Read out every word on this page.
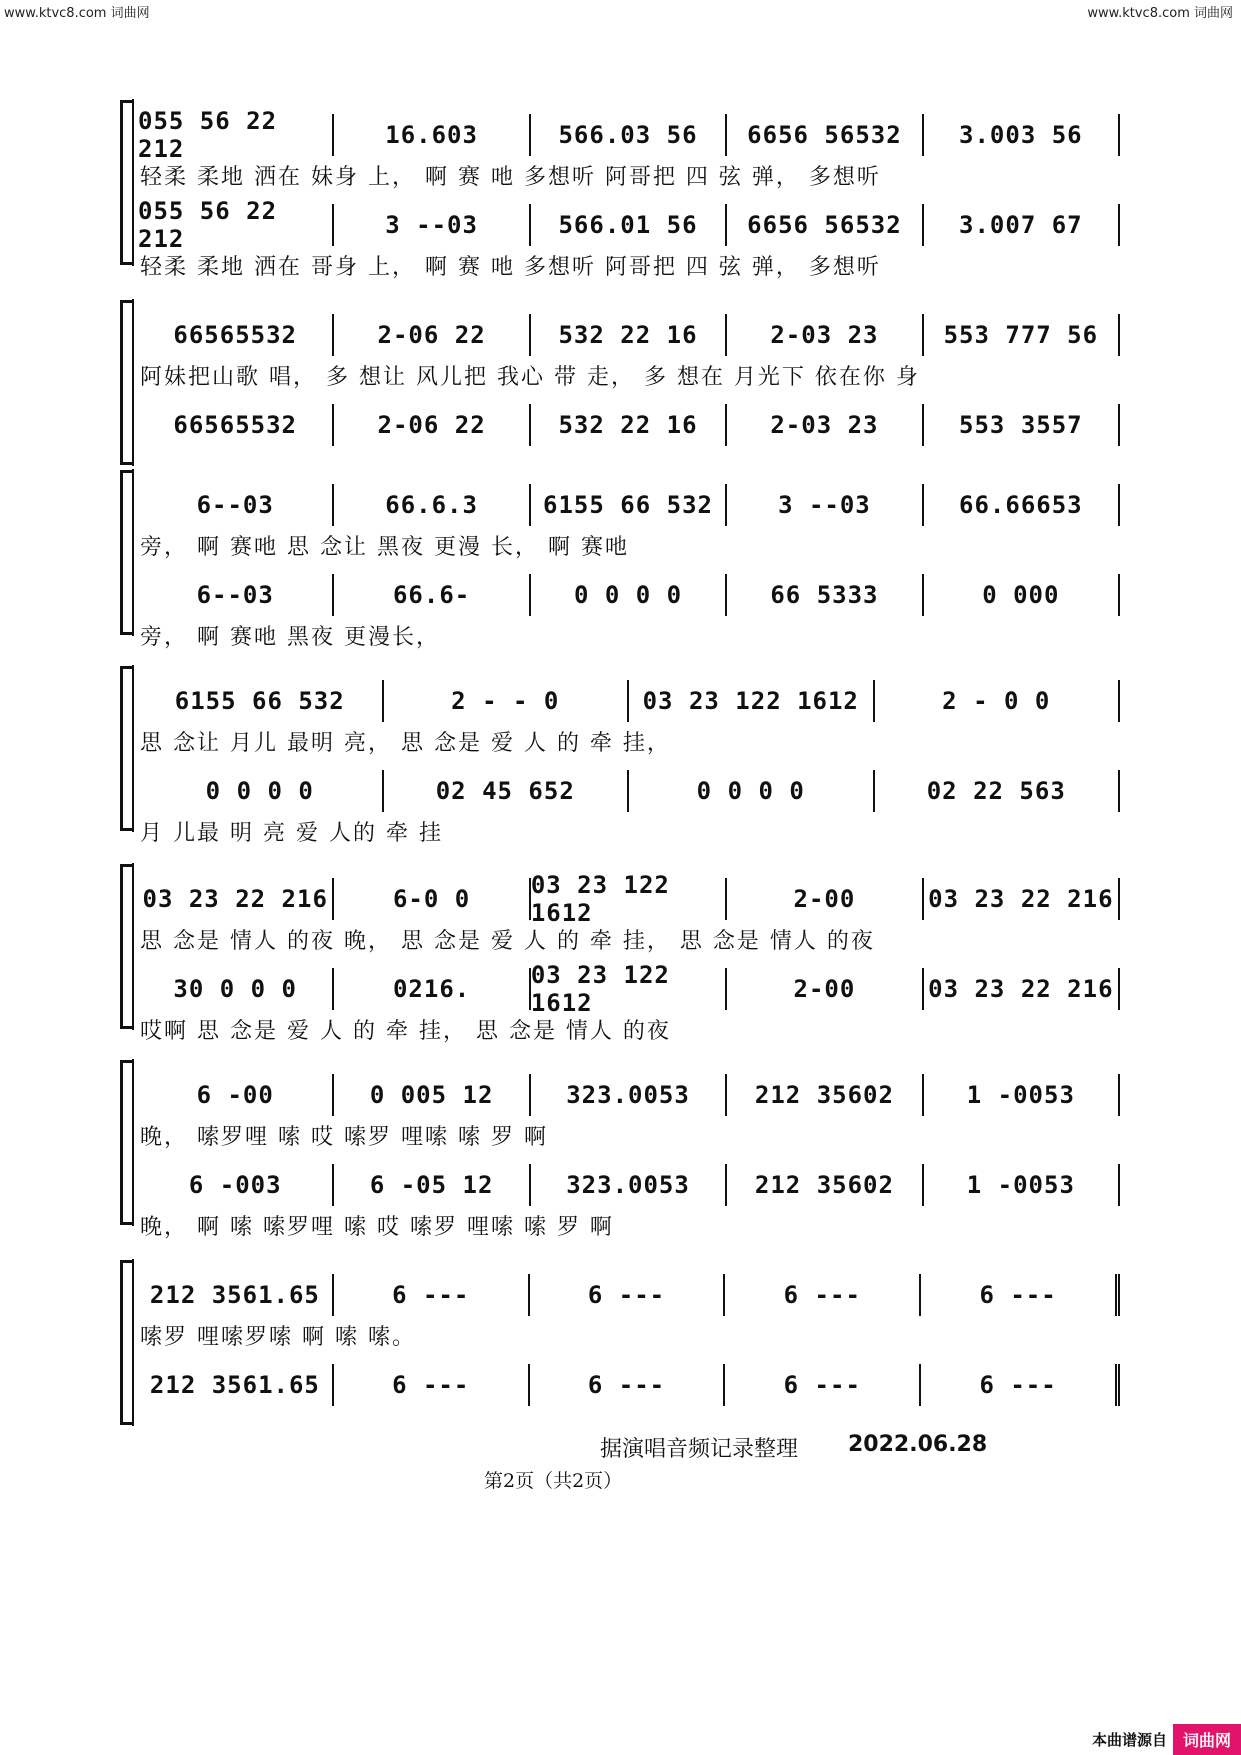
www.ktvc8.com 词曲网	www.ktvc8.com 词曲网
055 56 22 212	16.603	566.03 56	6656 56532	3.003 56
轻柔 柔地 洒在 妹身 上， 啊 赛 吔 多想听 阿哥把 四 弦 弹， 多想听
055 56 22 212	3 --03	566.01 56	6656 56532	3.007 67
轻柔 柔地 洒在 哥身 上， 啊 赛 吔 多想听 阿哥把 四 弦 弹， 多想听
66565532	2-06 22	532 22 16	2-03 23	553 777 56
阿妹把山歌 唱， 多 想让 风儿把 我心 带 走， 多 想在 月光下 依在你 身
66565532	2-06 22	532 22 16	2-03 23	553 3557
6--03	66.6.3	6155 66 532	3 --03	66.66653
旁， 啊 赛吔 思 念让 黑夜 更漫 长， 啊 赛吔
6--03	66.6-	0 0 0 0	66 5333	0 000
旁， 啊 赛吔 黑夜 更漫长，
6155 66 532	2 - - 0	03 23 122 1612	2 - 0 0
思 念让 月儿 最明 亮， 思 念是 爱 人 的 牵 挂，
0 0 0 0	02 45 652	0 0 0 0	02 22 563
月 儿最 明 亮 爱 人的 牵 挂
03 23 22 216	6-0 0	03 23 122 1612	2-00	03 23 22 216
思 念是 情人 的夜 晚， 思 念是 爱 人 的 牵 挂， 思 念是 情人 的夜
30 0 0 0	0216.	03 23 122 1612	2-00	03 23 22 216
哎啊 思 念是 爱 人 的 牵 挂， 思 念是 情人 的夜
6 -00	0 005 12	323.0053	212 35602	1 -0053
晚， 嗦罗哩 嗦 哎 嗦罗 哩嗦 嗦 罗 啊
6 -003	6 -05 12	323.0053	212 35602	1 -0053
晚， 啊 嗦 嗦罗哩 嗦 哎 嗦罗 哩嗦 嗦 罗 啊
212 3561.65	6 ---	6 ---	6 ---	6 ---
嗦罗 哩嗦罗嗦 啊 嗦 嗦。
212 3561.65	6 ---	6 ---	6 ---	6 ---
据演唱音频记录整理 2022.06.28
第2页（共2页）
本曲谱源自	词曲网
